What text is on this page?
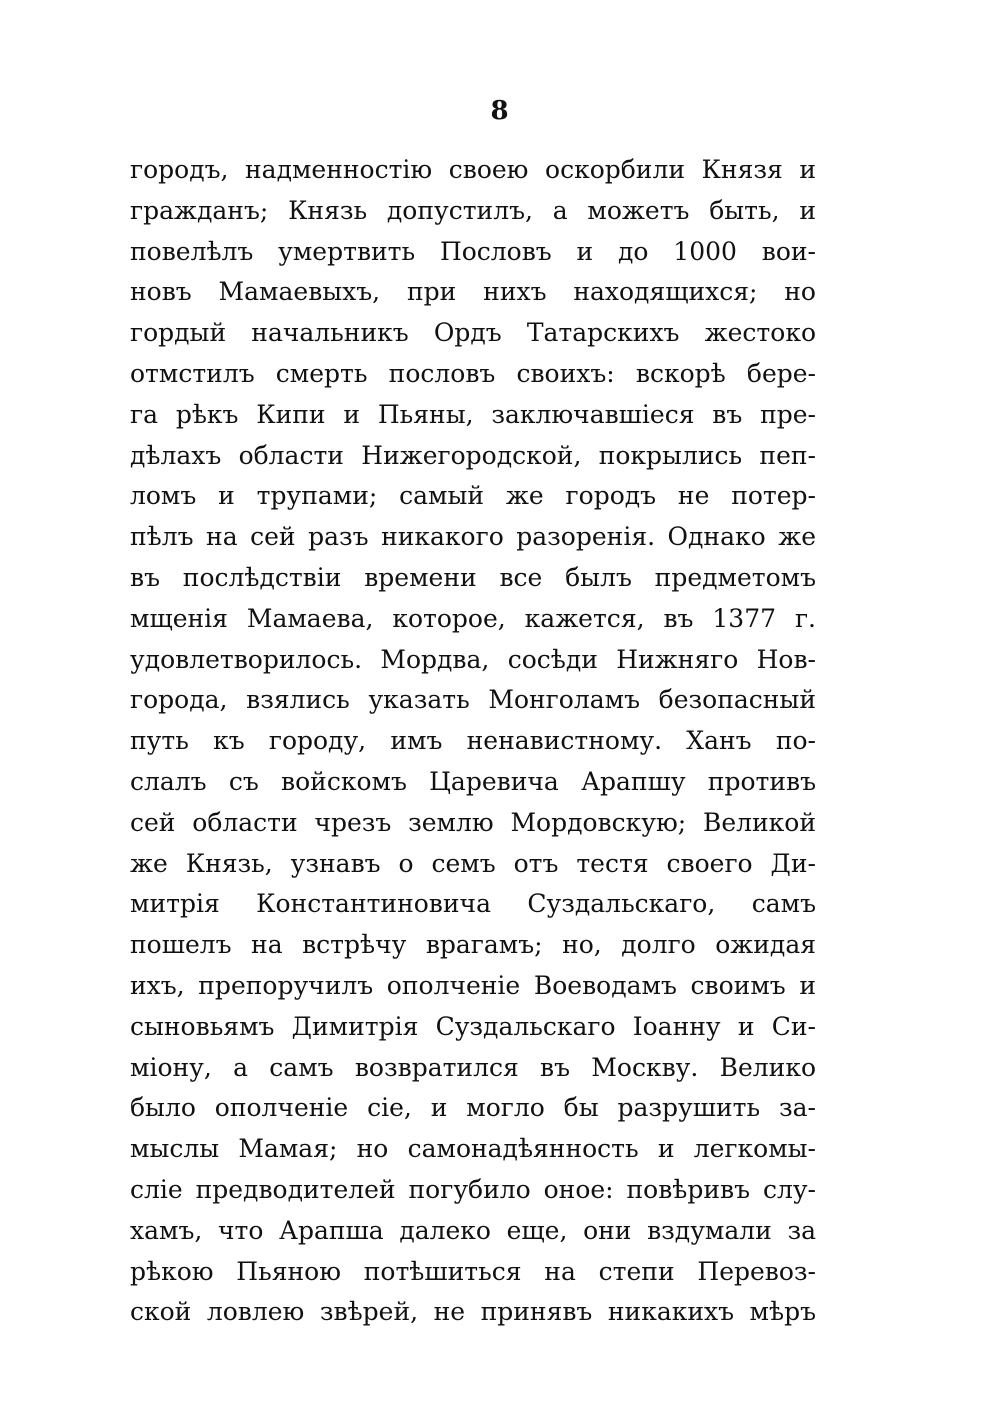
8
городъ, надменностію своею оскорбили Князя и
гражданъ; Князь допустилъ, а можетъ быть, и
повелѣлъ умертвить Пословъ и до 1000 вои-
новъ Мамаевыхъ, при нихъ находящихся; но
гордый начальникъ Ордъ Татарскихъ жестоко
отмстилъ смерть пословъ своихъ: вскорѣ бере-
га рѣкъ Кипи и Пьяны, заключавшіеся въ пре-
дѣлахъ области Нижегородской, покрылись пеп-
ломъ и трупами; самый же городъ не потер-
пѣлъ на сей разъ никакого разоренія. Однако же
въ послѣдствіи времени все былъ предметомъ
мщенія Мамаева, которое, кажется, въ 1377 г.
удовлетворилось. Мордва, сосѣди Нижняго Нов-
города, взялись указать Монголамъ безопасный
путь къ городу, имъ ненавистному. Ханъ по-
слалъ съ войскомъ Царевича Арапшу противъ
сей области чрезъ землю Мордовскую; Великой
же Князь, узнавъ о семъ отъ тестя своего Ди-
митрія Константиновича Суздальскаго, самъ
пошелъ на встрѣчу врагамъ; но, долго ожидая
ихъ, препоручилъ ополченіе Воеводамъ своимъ и
сыновьямъ Димитрія Суздальскаго Іоанну и Си-
міону, а самъ возвратился въ Москву. Велико
было ополченіе сіе, и могло бы разрушить за-
мыслы Мамая; но самонадѣянность и легкомы-
сліе предводителей погубило оное: повѣривъ слу-
хамъ, что Арапша далеко еще, они вздумали за
рѣкою Пьяною потѣшиться на степи Перевоз-
ской ловлею звѣрей, не принявъ никакихъ мѣръ
